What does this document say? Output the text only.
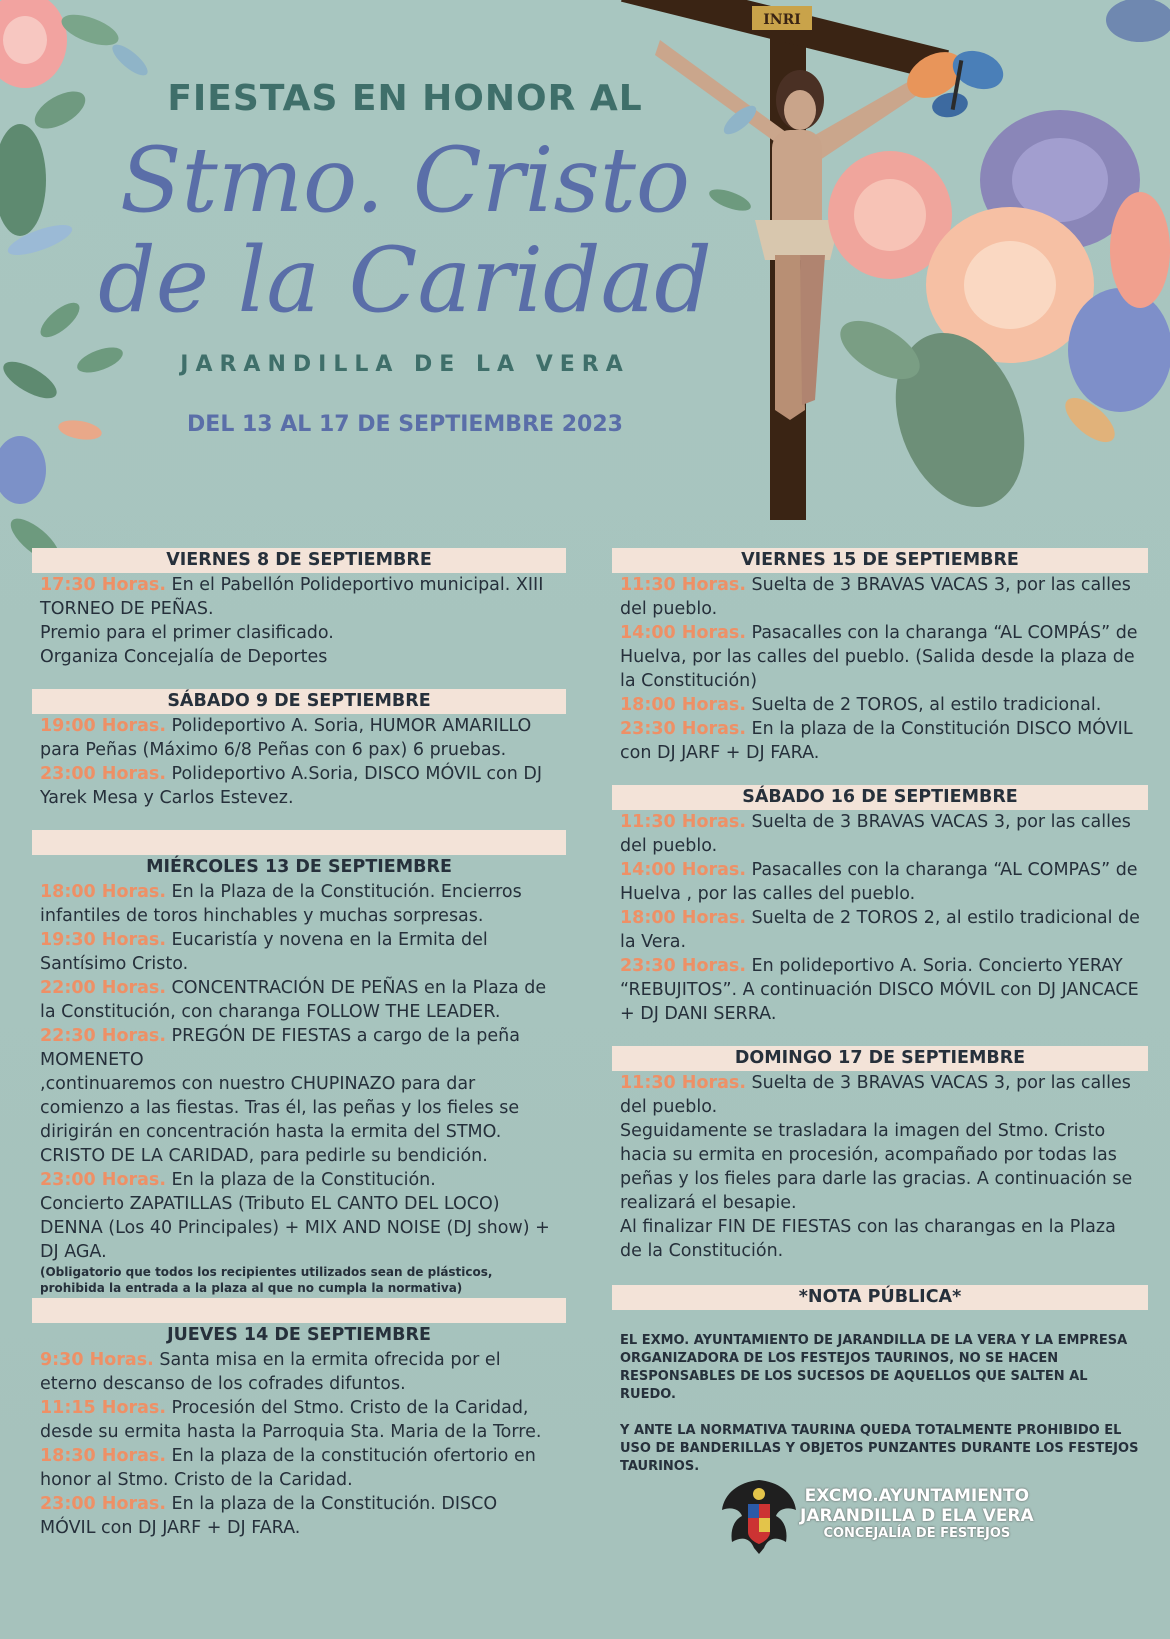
INRI
FIESTAS EN HONOR AL
Stmo. Cristo
de la Caridad
JARANDILLA DE LA VERA
DEL 13 AL 17 DE SEPTIEMBRE 2023
VIERNES 8 DE SEPTIEMBRE
17:30 Horas. En el Pabellón Polideportivo municipal. XIII TORNEO DE PEÑAS.
Premio para el primer clasificado.
Organiza Concejalía de Deportes
SÁBADO 9 DE SEPTIEMBRE
19:00 Horas. Polideportivo A. Soria, HUMOR AMARILLO para Peñas (Máximo 6/8 Peñas con 6 pax) 6 pruebas.
23:00 Horas. Polideportivo A.Soria, DISCO MÓVIL con DJ Yarek Mesa y Carlos Estevez.
MIÉRCOLES 13 DE SEPTIEMBRE
18:00 Horas. En la Plaza de la Constitución. Encierros infantiles de toros hinchables y muchas sorpresas.
19:30 Horas. Eucaristía y novena en la Ermita del Santísimo Cristo.
22:00 Horas. CONCENTRACIÓN DE PEÑAS en la Plaza de la Constitución, con charanga FOLLOW THE LEADER.
22:30 Horas. PREGÓN DE FIESTAS a cargo de la peña MOMENETO
,continuaremos con nuestro CHUPINAZO para dar comienzo a las fiestas. Tras él, las peñas y los fieles se dirigirán en concentración hasta la ermita del STMO. CRISTO DE LA CARIDAD, para pedirle su bendición.
23:00 Horas. En la plaza de la Constitución.
Concierto ZAPATILLAS (Tributo EL CANTO DEL LOCO) DENNA (Los 40 Principales) + MIX AND NOISE (DJ show) + DJ AGA.
(Obligatorio que todos los recipientes utilizados sean de plásticos, prohibida la entrada a la plaza al que no cumpla la normativa)
JUEVES 14 DE SEPTIEMBRE
9:30 Horas. Santa misa en la ermita ofrecida por el eterno descanso de los cofrades difuntos.
11:15 Horas. Procesión del Stmo. Cristo de la Caridad, desde su ermita hasta la Parroquia Sta. Maria de la Torre.
18:30 Horas. En la plaza de la constitución ofertorio en honor al Stmo. Cristo de la Caridad.
23:00 Horas. En la plaza de la Constitución. DISCO MÓVIL con DJ JARF + DJ FARA.
VIERNES 15 DE SEPTIEMBRE
11:30 Horas. Suelta de 3 BRAVAS VACAS 3, por las calles del pueblo.
14:00 Horas. Pasacalles con la charanga “AL COMPÁS” de Huelva, por las calles del pueblo. (Salida desde la plaza de la Constitución)
18:00 Horas. Suelta de 2 TOROS, al estilo tradicional.
23:30 Horas. En la plaza de la Constitución DISCO MÓVIL con DJ JARF + DJ FARA.
SÁBADO 16 DE SEPTIEMBRE
11:30 Horas. Suelta de 3 BRAVAS VACAS 3, por las calles del pueblo.
14:00 Horas. Pasacalles con la charanga “AL COMPAS” de Huelva , por las calles del pueblo.
18:00 Horas. Suelta de 2 TOROS 2, al estilo tradicional de la Vera.
23:30 Horas. En polideportivo A. Soria. Concierto YERAY “REBUJITOS”. A continuación DISCO MÓVIL con DJ JANCACE + DJ DANI SERRA.
DOMINGO 17 DE SEPTIEMBRE
11:30 Horas. Suelta de 3 BRAVAS VACAS 3, por las calles del pueblo.
Seguidamente se trasladara la imagen del Stmo. Cristo hacia su ermita en procesión, acompañado por todas las peñas y los fieles para darle las gracias. A continuación se realizará el besapie.
Al finalizar FIN DE FIESTAS con las charangas en la Plaza de la Constitución.
*NOTA PÚBLICA*
EL EXMO. AYUNTAMIENTO DE JARANDILLA DE LA VERA Y LA EMPRESA ORGANIZADORA DE LOS FESTEJOS TAURINOS, NO SE HACEN RESPONSABLES DE LOS SUCESOS DE AQUELLOS QUE SALTEN AL RUEDO.
Y ANTE LA NORMATIVA TAURINA QUEDA TOTALMENTE PROHIBIDO EL USO DE BANDERILLAS Y OBJETOS PUNZANTES DURANTE LOS FESTEJOS TAURINOS.
EXCMO.AYUNTAMIENTO
JARANDILLA D ELA VERA
CONCEJALÍA DE FESTEJOS
